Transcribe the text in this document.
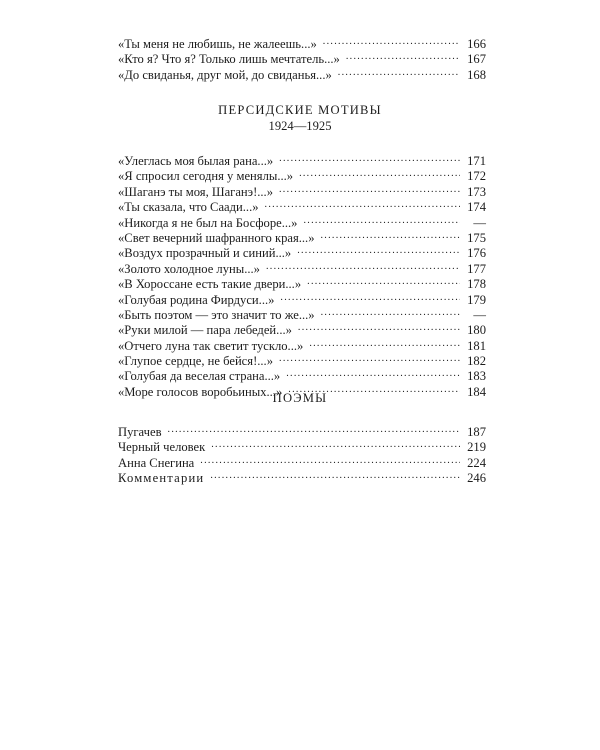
«Ты меня не любишь, не жалеешь...» . . .	166
«Кто я? Что я? Только лишь мечтатель...» . . .	167
«До свиданья, друг мой, до свиданья...» . . .	168
ПЕРСИДСКИЕ МОТИВЫ
1924—1925
«Улеглась моя былая рана...» . . .	171
«Я спросил сегодня у менялы...» . . .	172
«Шаганэ ты моя, Шаганэ!...» . . .	173
«Ты сказала, что Саади...» . . .	174
«Никогда я не был на Босфоре...» . . .	—
«Свет вечерний шафранного края...» . . .	175
«Воздух прозрачный и синий...» . . .	176
«Золото холодное луны...» . . .	177
«В Хороссане есть такие двери...» . . .	178
«Голубая родина Фирдуси...» . . .	179
«Быть поэтом — это значит то же...» . . .	—
«Руки милой — пара лебедей...» . . .	180
«Отчего луна так светит тускло...» . . .	181
«Глупое сердце, не бейся!...» . . .	182
«Голубая да веселая страна...» . . .	183
«Море голосов воробьиных...» . . .	184
ПОЭМЫ
Пугачев . . .	187
Черный человек . . .	219
Анна Снегина . . .	224
Комментарии . . .	246
